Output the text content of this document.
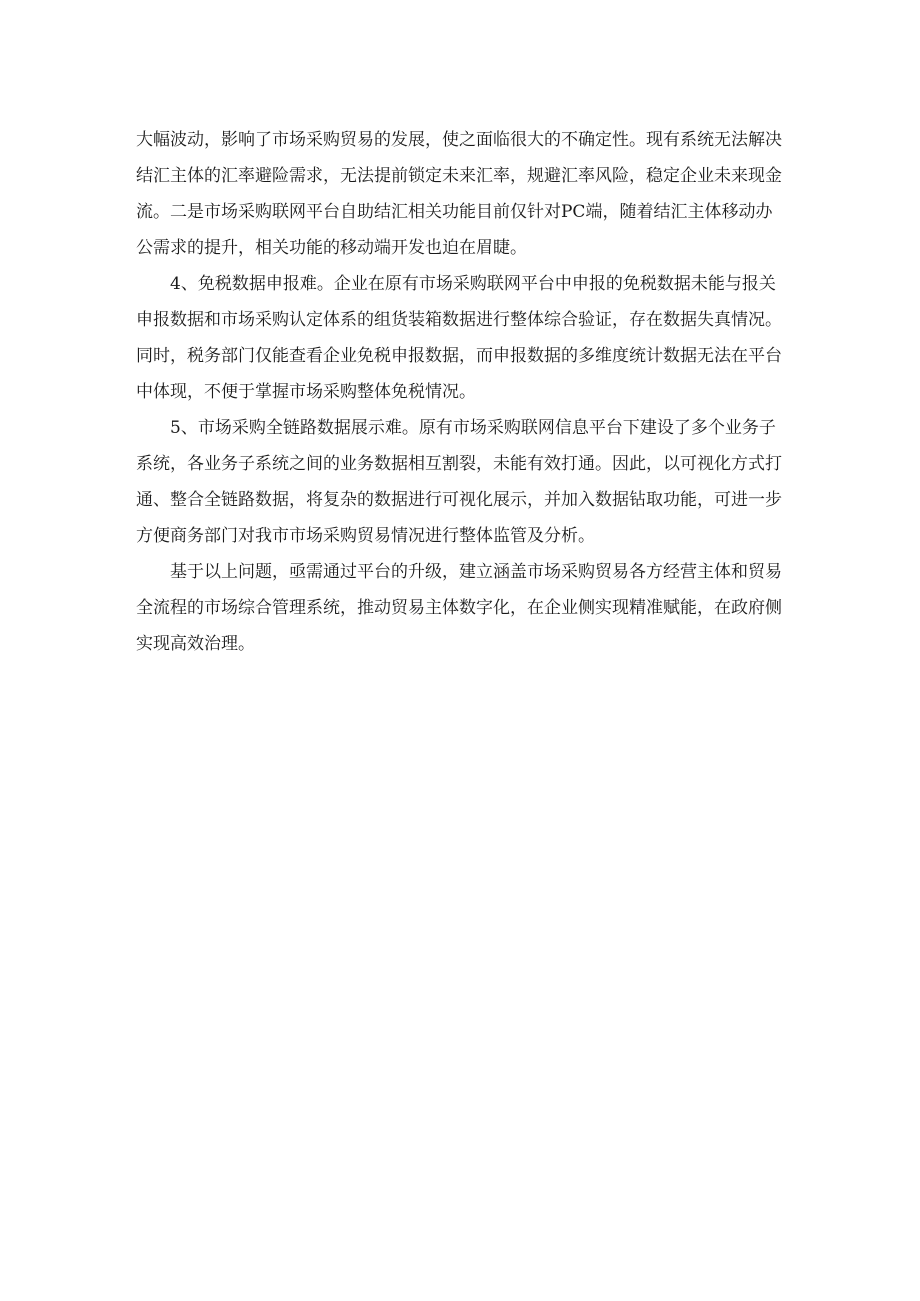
大幅波动，影响了市场采购贸易的发展，使之面临很大的不确定性。现有系统无法解决
结汇主体的汇率避险需求，无法提前锁定未来汇率，规避汇率风险，稳定企业未来现金
流。二是市场采购联网平台自助结汇相关功能目前仅针对PC端，随着结汇主体移动办
公需求的提升，相关功能的移动端开发也迫在眉睫。
4、免税数据申报难。企业在原有市场采购联网平台中申报的免税数据未能与报关
申报数据和市场采购认定体系的组货装箱数据进行整体综合验证，存在数据失真情况。
同时，税务部门仅能查看企业免税申报数据，而申报数据的多维度统计数据无法在平台
中体现，不便于掌握市场采购整体免税情况。
5、市场采购全链路数据展示难。原有市场采购联网信息平台下建设了多个业务子
系统，各业务子系统之间的业务数据相互割裂，未能有效打通。因此，以可视化方式打
通、整合全链路数据，将复杂的数据进行可视化展示，并加入数据钻取功能，可进一步
方便商务部门对我市市场采购贸易情况进行整体监管及分析。
基于以上问题，亟需通过平台的升级，建立涵盖市场采购贸易各方经营主体和贸易
全流程的市场综合管理系统，推动贸易主体数字化，在企业侧实现精准赋能，在政府侧
实现高效治理。
